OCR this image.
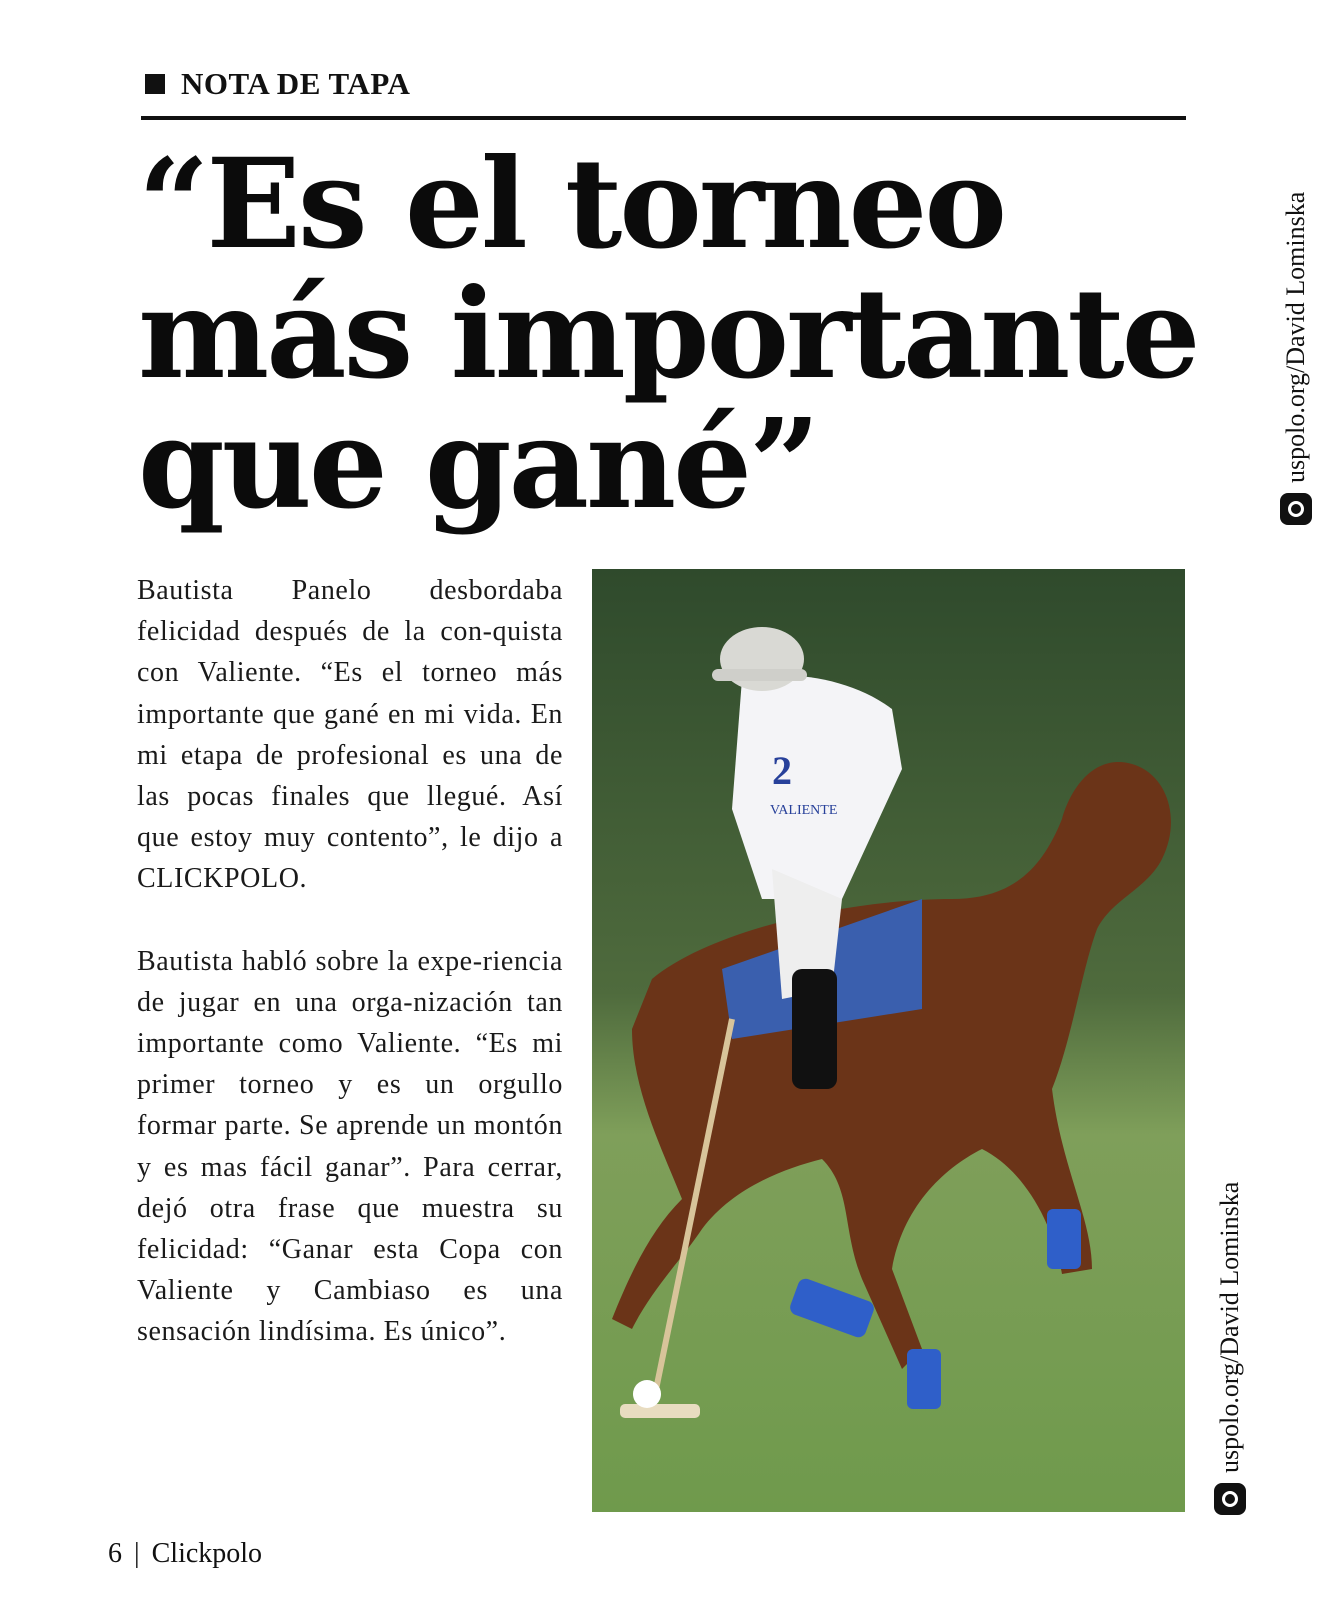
NOTA DE TAPA
“Es el torneo
más importante
que gané”

Bautista Panelo desbordaba felicidad después de la con-quista con Valiente. “Es el torneo más importante que gané en mi vida. En mi etapa de profesional es una de las pocas finales que llegué. Así que estoy muy contento”, le dijo a CLICKPOLO.

Bautista habló sobre la expe-riencia de jugar en una orga-nización tan importante como Valiente. “Es mi primer torneo y es un orgullo formar parte. Se aprende un montón y es mas fácil ganar”. Para cerrar, dejó otra frase que muestra su felicidad: “Ganar esta Copa con Valiente y Cambiaso es una sensación lindísima. Es único”.

2
VALIENTE
uspolo.org/David Lominska
uspolo.org/David Lominska
6 | Clickpolo
